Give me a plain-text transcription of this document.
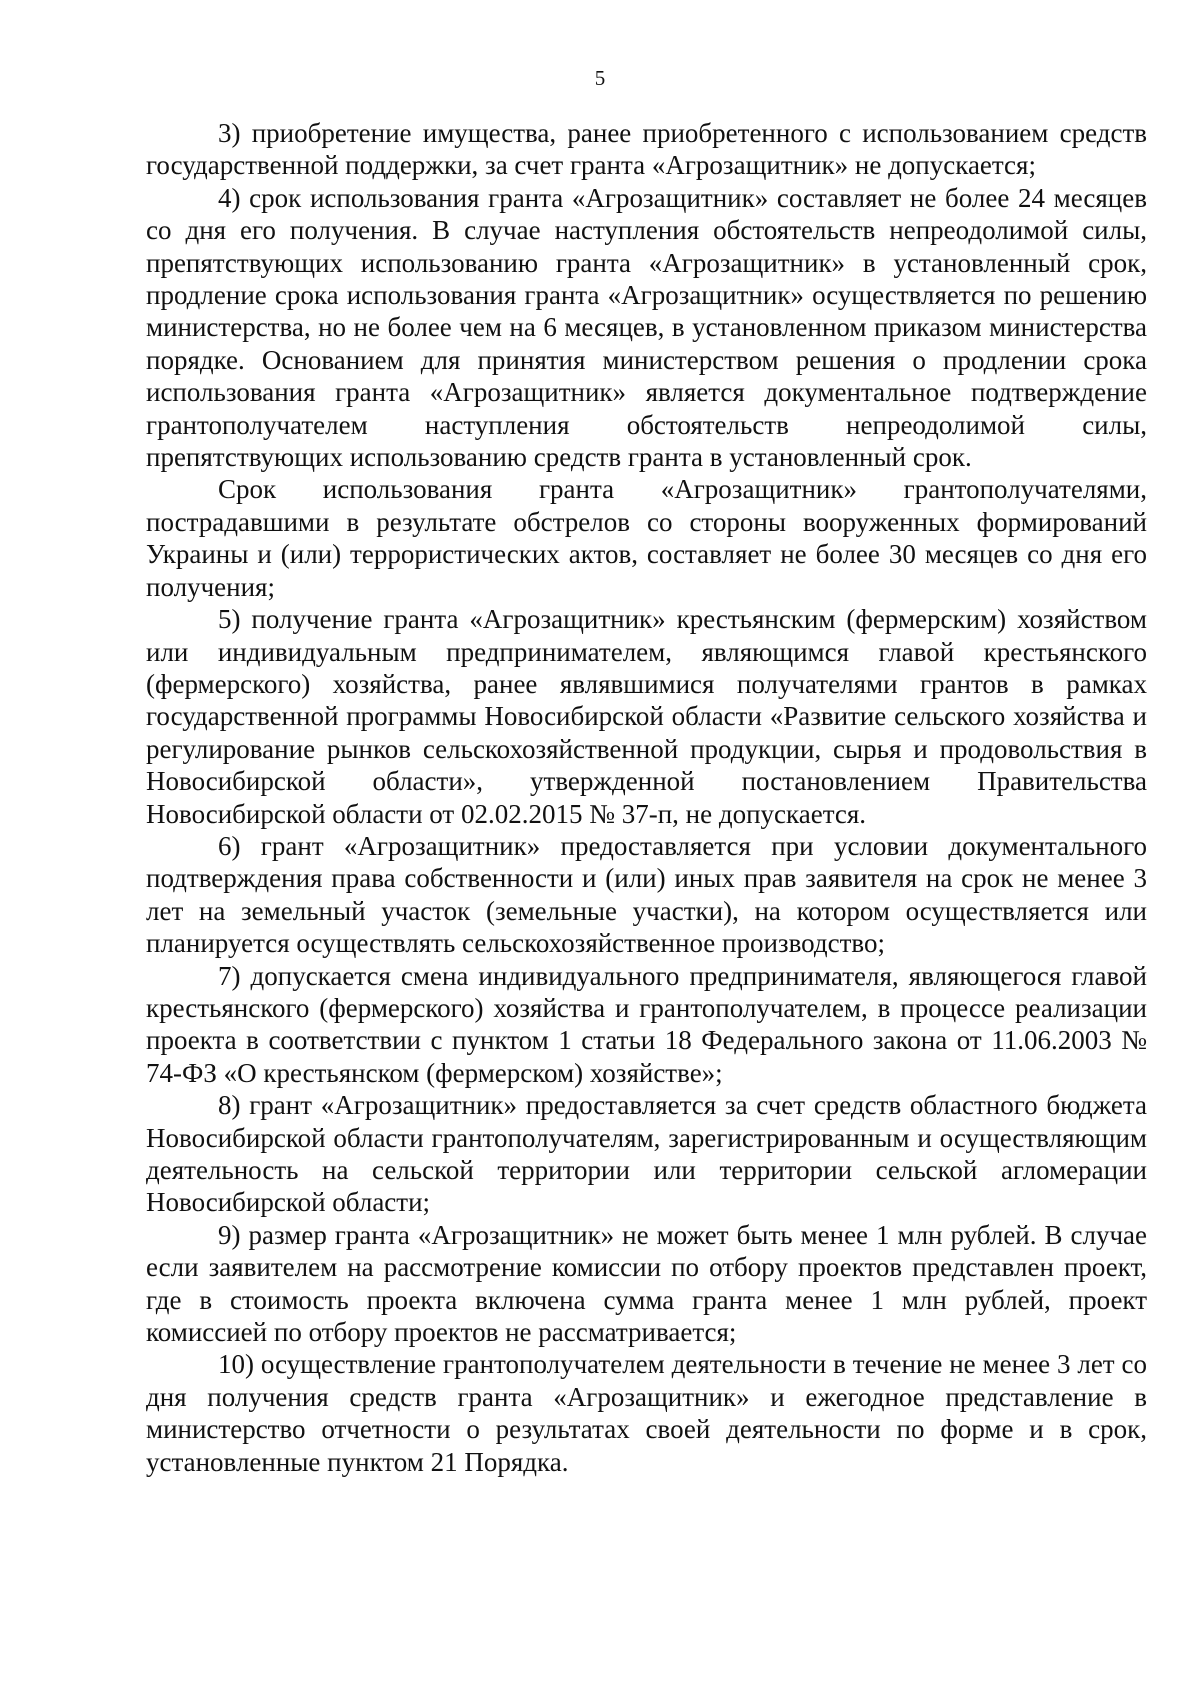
5

3) приобретение имущества, ранее приобретенного с использованием средств государственной поддержки, за счет гранта «Агрозащитник» не допускается;

4) срок использования гранта «Агрозащитник» составляет не более 24 месяцев со дня его получения. В случае наступления обстоятельств непреодолимой силы, препятствующих использованию гранта «Агрозащитник» в установленный срок, продление срока использования гранта «Агрозащитник» осуществляется по решению министерства, но не более чем на 6 месяцев, в установленном приказом министерства порядке. Основанием для принятия министерством решения о продлении срока использования гранта «Агрозащитник» является документальное подтверждение грантополучателем наступления обстоятельств непреодолимой силы, препятствующих использованию средств гранта в установленный срок.

Срок использования гранта «Агрозащитник» грантополучателями, пострадавшими в результате обстрелов со стороны вооруженных формирований Украины и (или) террористических актов, составляет не более 30 месяцев со дня его получения;

5) получение гранта «Агрозащитник» крестьянским (фермерским) хозяйством или индивидуальным предпринимателем, являющимся главой крестьянского (фермерского) хозяйства, ранее являвшимися получателями грантов в рамках государственной программы Новосибирской области «Развитие сельского хозяйства и регулирование рынков сельскохозяйственной продукции, сырья и продовольствия в Новосибирской области», утвержденной постановлением Правительства Новосибирской области от 02.02.2015 № 37-п, не допускается.

6) грант «Агрозащитник» предоставляется при условии документального подтверждения права собственности и (или) иных прав заявителя на срок не менее 3 лет на земельный участок (земельные участки), на котором осуществляется или планируется осуществлять сельскохозяйственное производство;

7) допускается смена индивидуального предпринимателя, являющегося главой крестьянского (фермерского) хозяйства и грантополучателем, в процессе реализации проекта в соответствии с пунктом 1 статьи 18 Федерального закона от 11.06.2003 № 74-ФЗ «О крестьянском (фермерском) хозяйстве»;

8) грант «Агрозащитник» предоставляется за счет средств областного бюджета Новосибирской области грантополучателям, зарегистрированным и осуществляющим деятельность на сельской территории или территории сельской агломерации Новосибирской области;

9) размер гранта «Агрозащитник» не может быть менее 1 млн рублей. В случае если заявителем на рассмотрение комиссии по отбору проектов представлен проект, где в стоимость проекта включена сумма гранта менее 1 млн рублей, проект комиссией по отбору проектов не рассматривается;

10) осуществление грантополучателем деятельности в течение не менее 3 лет со дня получения средств гранта «Агрозащитник» и ежегодное представление в министерство отчетности о результатах своей деятельности по форме и в срок, установленные пунктом 21 Порядка.
